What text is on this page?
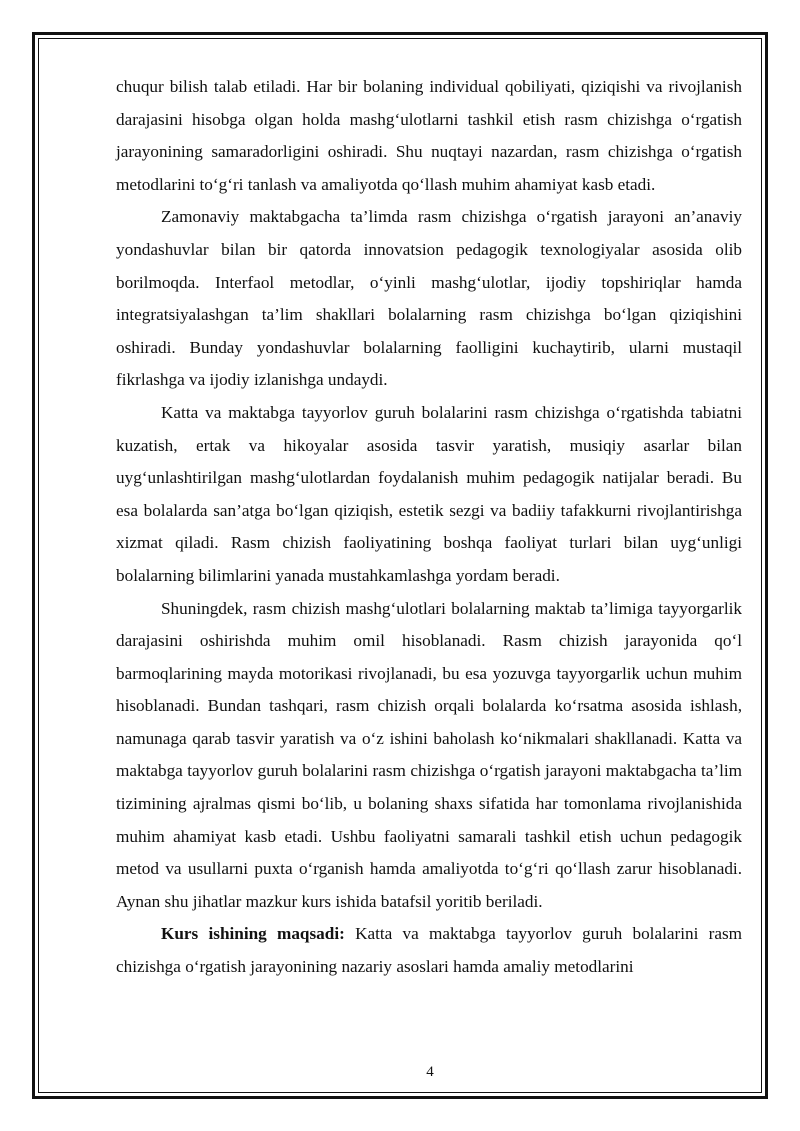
chuqur bilish talab etiladi. Har bir bolaning individual qobiliyati, qiziqishi va rivojlanish darajasini hisobga olgan holda mashg‘ulotlarni tashkil etish rasm chizishga o‘rgatish jarayonining samaradorligini oshiradi. Shu nuqtayi nazardan, rasm chizishga o‘rgatish metodlarini to‘g‘ri tanlash va amaliyotda qo‘llash muhim ahamiyat kasb etadi.

Zamonaviy maktabgacha ta’limda rasm chizishga o‘rgatish jarayoni an’anaviy yondashuvlar bilan bir qatorda innovatsion pedagogik texnologiyalar asosida olib borilmoqda. Interfaol metodlar, o‘yinli mashg‘ulotlar, ijodiy topshiriqlar hamda integratsiyalashgan ta’lim shakllari bolalarning rasm chizishga bo‘lgan qiziqishini oshiradi. Bunday yondashuvlar bolalarning faolligini kuchaytirib, ularni mustaqil fikrlashga va ijodiy izlanishga undaydi.

Katta va maktabga tayyorlov guruh bolalarini rasm chizishga o‘rgatishda tabiatni kuzatish, ertak va hikoyalar asosida tasvir yaratish, musiqiy asarlar bilan uyg‘unlashtirilgan mashg‘ulotlardan foydalanish muhim pedagogik natijalar beradi. Bu esa bolalarda san’atga bo‘lgan qiziqish, estetik sezgi va badiiy tafakkurni rivojlantirishga xizmat qiladi. Rasm chizish faoliyatining boshqa faoliyat turlari bilan uyg‘unligi bolalarning bilimlarini yanada mustahkamlashga yordam beradi.

Shuningdek, rasm chizish mashg‘ulotlari bolalarning maktab ta’limiga tayyorgarlik darajasini oshirishda muhim omil hisoblanadi. Rasm chizish jarayonida qo‘l barmoqlarining mayda motorikasi rivojlanadi, bu esa yozuvga tayyorgarlik uchun muhim hisoblanadi. Bundan tashqari, rasm chizish orqali bolalarda ko‘rsatma asosida ishlash, namunaga qarab tasvir yaratish va o‘z ishini baholash ko‘nikmalari shakllanadi. Katta va maktabga tayyorlov guruh bolalarini rasm chizishga o‘rgatish jarayoni maktabgacha ta’lim tizimining ajralmas qismi bo‘lib, u bolaning shaxs sifatida har tomonlama rivojlanishida muhim ahamiyat kasb etadi. Ushbu faoliyatni samarali tashkil etish uchun pedagogik metod va usullarni puxta o‘rganish hamda amaliyotda to‘g‘ri qo‘llash zarur hisoblanadi. Aynan shu jihatlar mazkur kurs ishida batafsil yoritib beriladi.

Kurs ishining maqsadi: Katta va maktabga tayyorlov guruh bolalarini rasm chizishga o‘rgatish jarayonining nazariy asoslari hamda amaliy metodlarini

4
